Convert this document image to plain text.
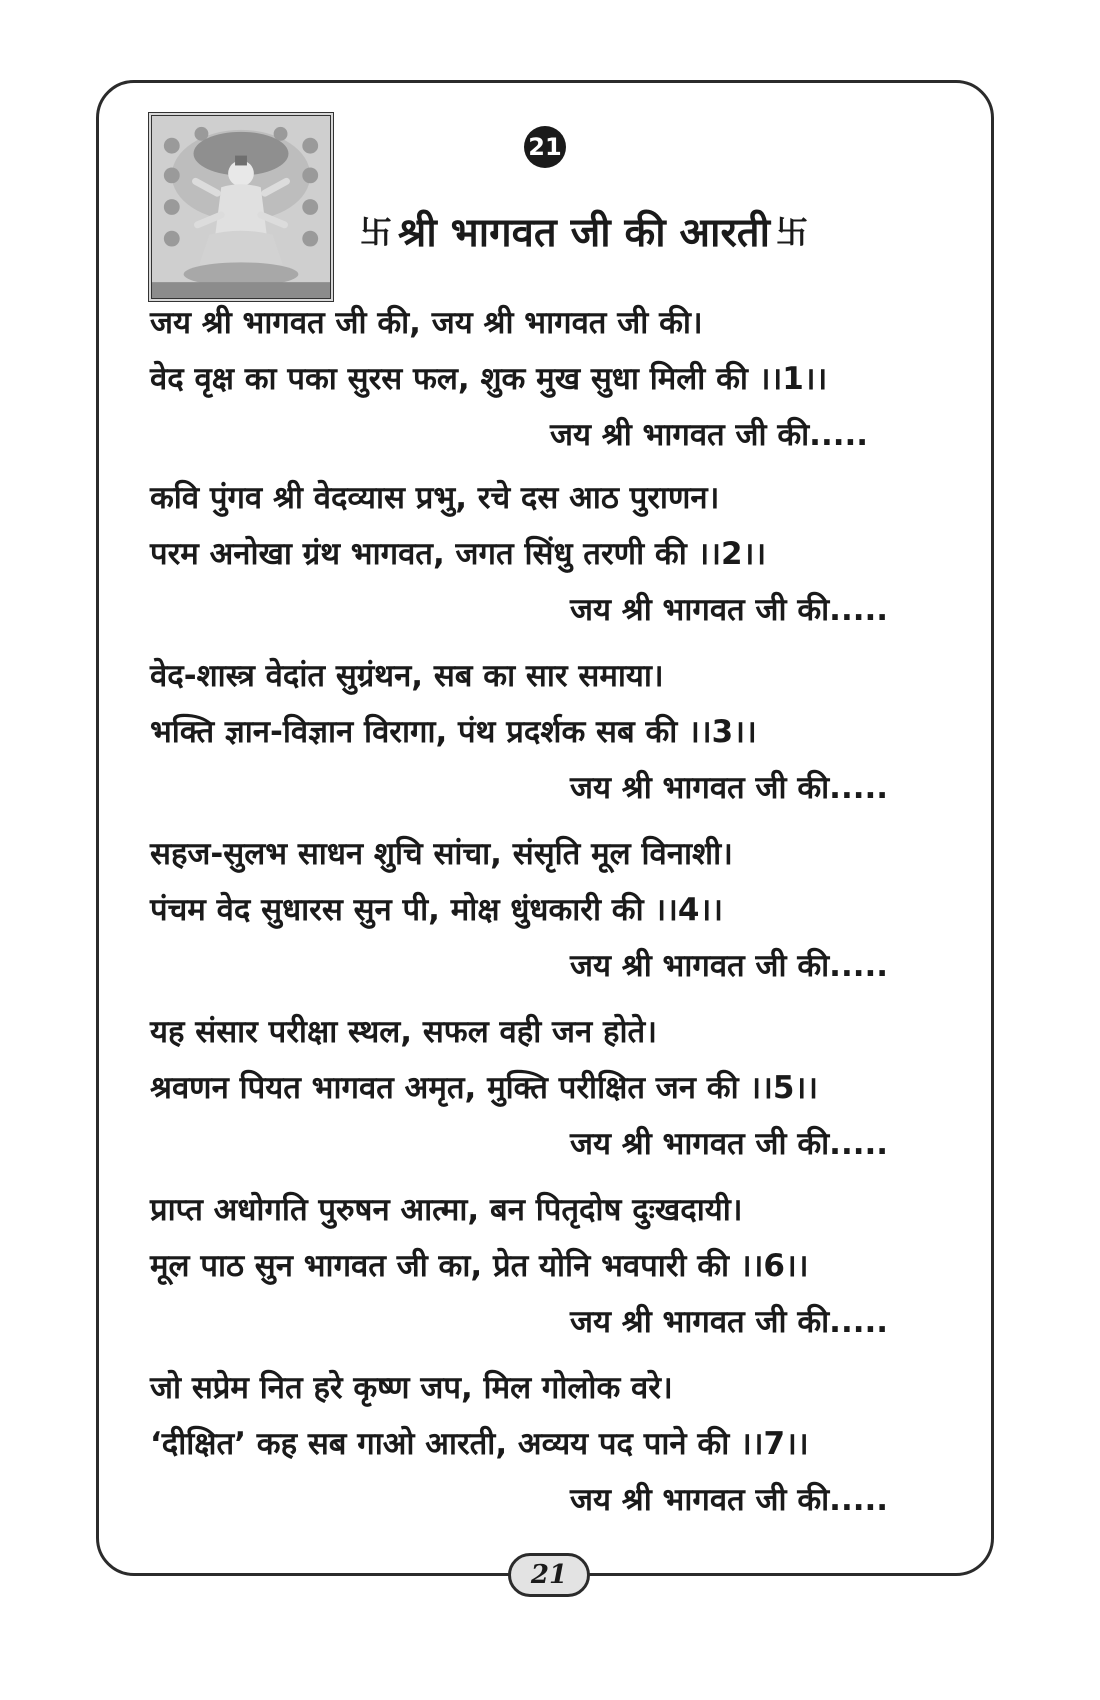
21
卐 श्री भागवत जी की आरती 卐
जय श्री भागवत जी की, जय श्री भागवत जी की।
वेद वृक्ष का पका सुरस फल, शुक मुख सुधा मिली की ।।1।।
जय श्री भागवत जी की.....
कवि पुंगव श्री वेदव्यास प्रभु, रचे दस आठ पुराणन।
परम अनोखा ग्रंथ भागवत, जगत सिंधु तरणी की ।।2।।
जय श्री भागवत जी की.....
वेद-शास्त्र वेदांत सुग्रंथन, सब का सार समाया।
भक्ति ज्ञान-विज्ञान विरागा, पंथ प्रदर्शक सब की ।।3।।
जय श्री भागवत जी की.....
सहज-सुलभ साधन शुचि सांचा, संसृति मूल विनाशी।
पंचम वेद सुधारस सुन पी, मोक्ष धुंधकारी की ।।4।।
जय श्री भागवत जी की.....
यह संसार परीक्षा स्थल, सफल वही जन होते।
श्रवणन पियत भागवत अमृत, मुक्ति परीक्षित जन की ।।5।।
जय श्री भागवत जी की.....
प्राप्त अधोगति पुरुषन आत्मा, बन पितृदोष दुःखदायी।
मूल पाठ सुन भागवत जी का, प्रेत योनि भवपारी की ।।6।।
जय श्री भागवत जी की.....
जो सप्रेम नित हरे कृष्ण जप, मिल गोलोक वरे।
‘दीक्षित’ कह सब गाओ आरती, अव्यय पद पाने की ।।7।।
जय श्री भागवत जी की.....
21
